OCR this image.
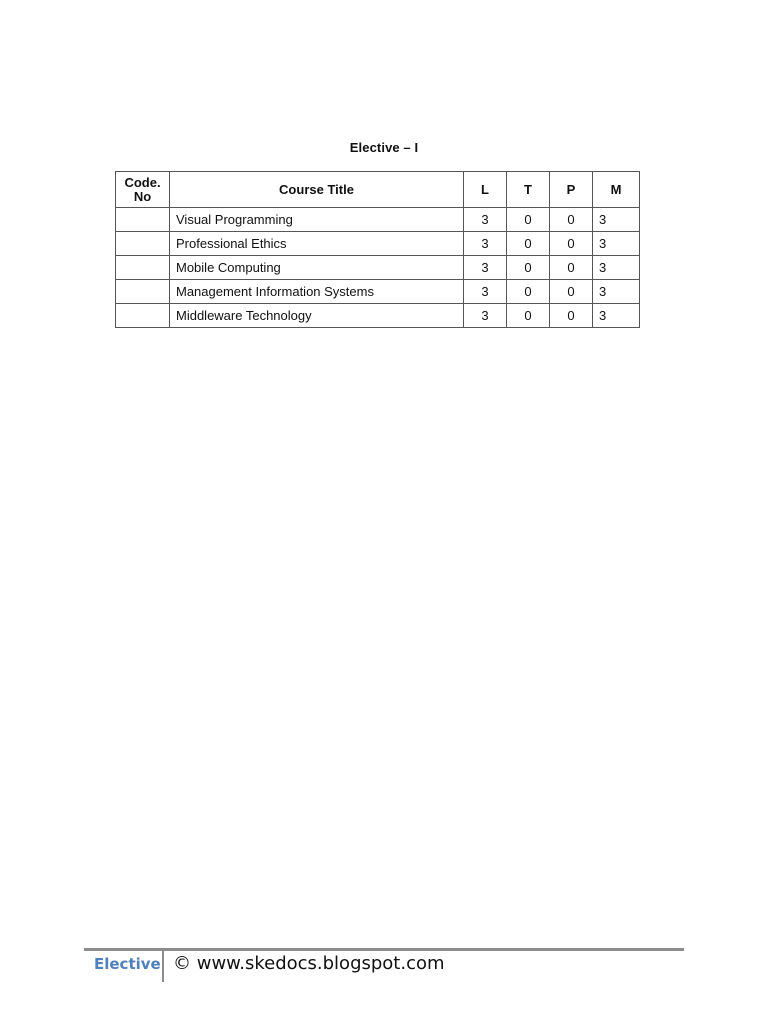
Elective – I
Code.
No	Course Title	L	T	P	M
	Visual Programming	3	0	0	3
	Professional Ethics	3	0	0	3
	Mobile Computing	3	0	0	3
	Management Information Systems	3	0	0	3
	Middleware Technology	3	0	0	3
Elective © www.skedocs.blogspot.com
